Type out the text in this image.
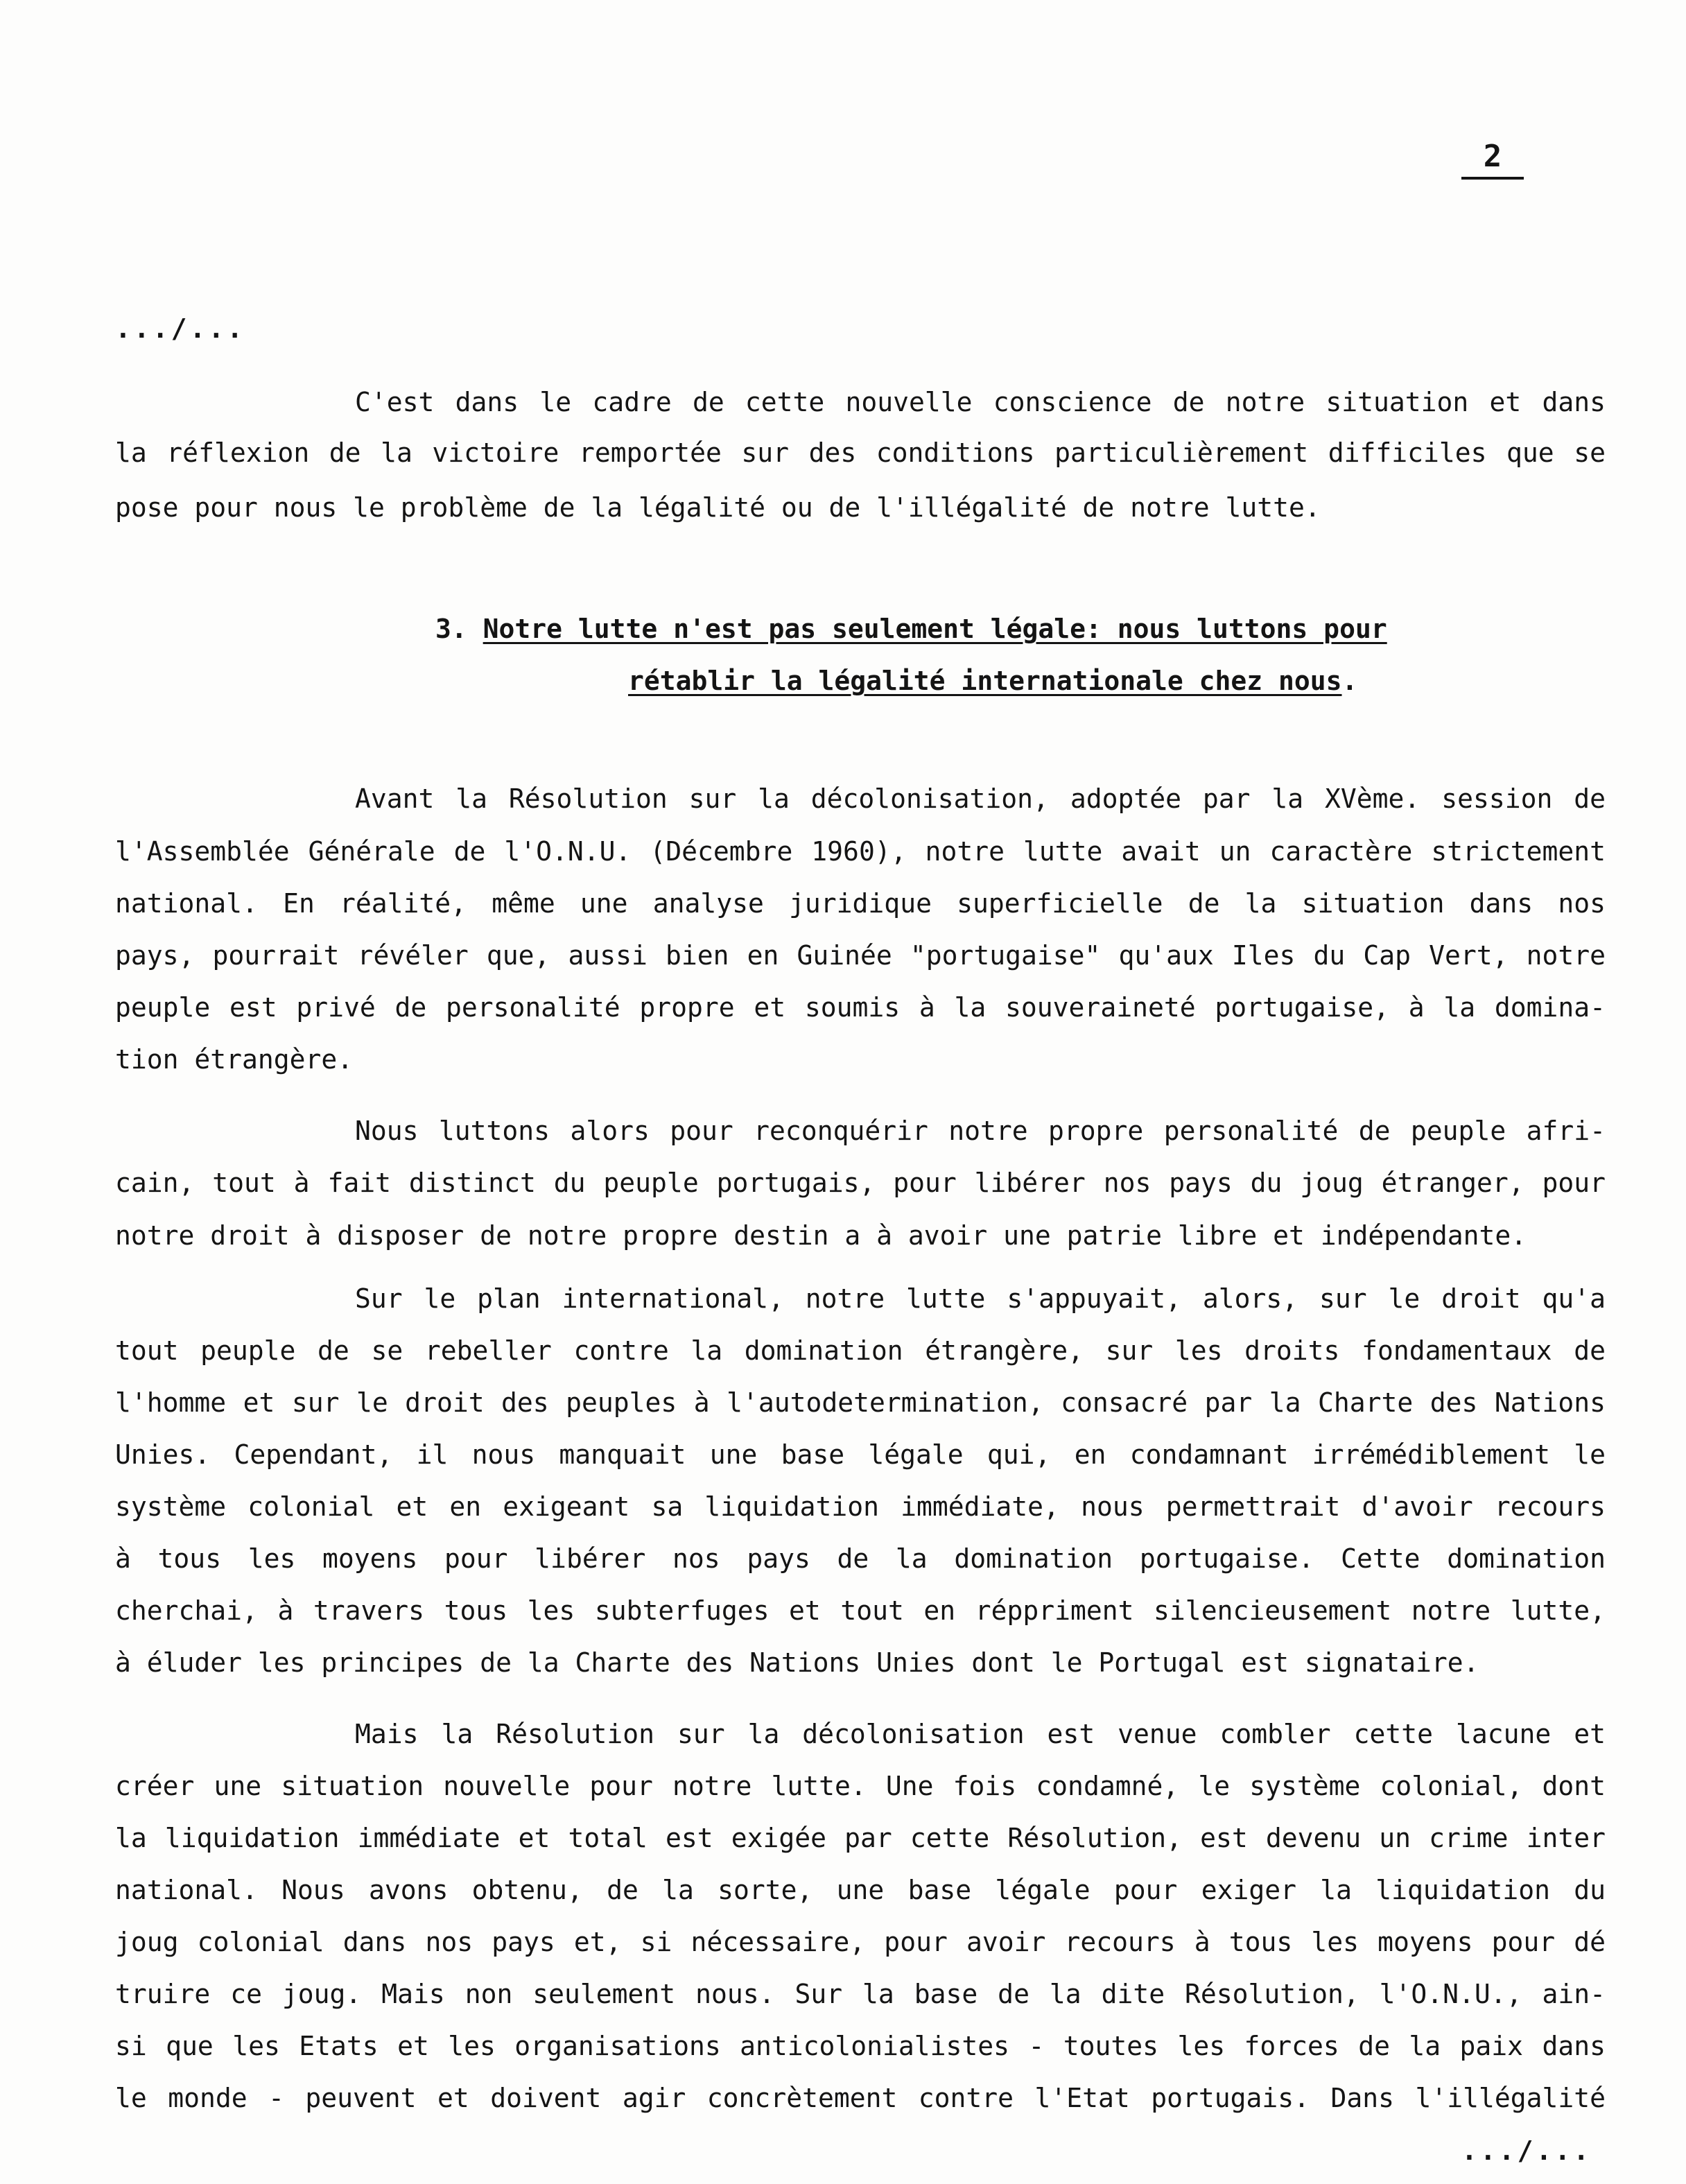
2
.../...
C'est dans le cadre de cette nouvelle conscience de notre situation et dans
la réflexion de la victoire remportée sur des conditions particulièrement difficiles que se
pose pour nous le problème de la légalité ou de l'illégalité de notre lutte.
3. Notre lutte n'est pas seulement légale: nous luttons pour
rétablir la légalité internationale chez nous.
Avant la Résolution sur la décolonisation, adoptée par la XVème. session de
l'Assemblée Générale de l'O.N.U. (Décembre 1960), notre lutte avait un caractère strictement
national. En réalité, même une analyse juridique superficielle de la situation dans nos
pays, pourrait révéler que, aussi bien en Guinée "portugaise" qu'aux Iles du Cap Vert, notre
peuple est privé de personalité propre et soumis à la souveraineté portugaise, à la domina-
tion étrangère.
Nous luttons alors pour reconquérir notre propre personalité de peuple afri-
cain, tout à fait distinct du peuple portugais, pour libérer nos pays du joug étranger, pour
notre droit à disposer de notre propre destin a à avoir une patrie libre et indépendante.
Sur le plan international, notre lutte s'appuyait, alors, sur le droit qu'a
tout peuple de se rebeller contre la domination étrangère, sur les droits fondamentaux de
l'homme et sur le droit des peuples à l'autodetermination, consacré par la Charte des Nations
Unies. Cependant, il nous manquait une base légale qui, en condamnant irrémédiblement le
système colonial et en exigeant sa liquidation immédiate, nous permettrait d'avoir recours
à tous les moyens pour libérer nos pays de la domination portugaise. Cette domination
cherchai, à travers tous les subterfuges et tout en réppriment silencieusement notre lutte,
à éluder les principes de la Charte des Nations Unies dont le Portugal est signataire.
Mais la Résolution sur la décolonisation est venue combler cette lacune et
créer une situation nouvelle pour notre lutte. Une fois condamné, le système colonial, dont
la liquidation immédiate et total est exigée par cette Résolution, est devenu un crime inter
national. Nous avons obtenu, de la sorte, une base légale pour exiger la liquidation du
joug colonial dans nos pays et, si nécessaire, pour avoir recours à tous les moyens pour dé
truire ce joug. Mais non seulement nous. Sur la base de la dite Résolution, l'O.N.U., ain-
si que les Etats et les organisations anticolonialistes - toutes les forces de la paix dans
le monde - peuvent et doivent agir concrètement contre l'Etat portugais. Dans l'illégalité
.../...
